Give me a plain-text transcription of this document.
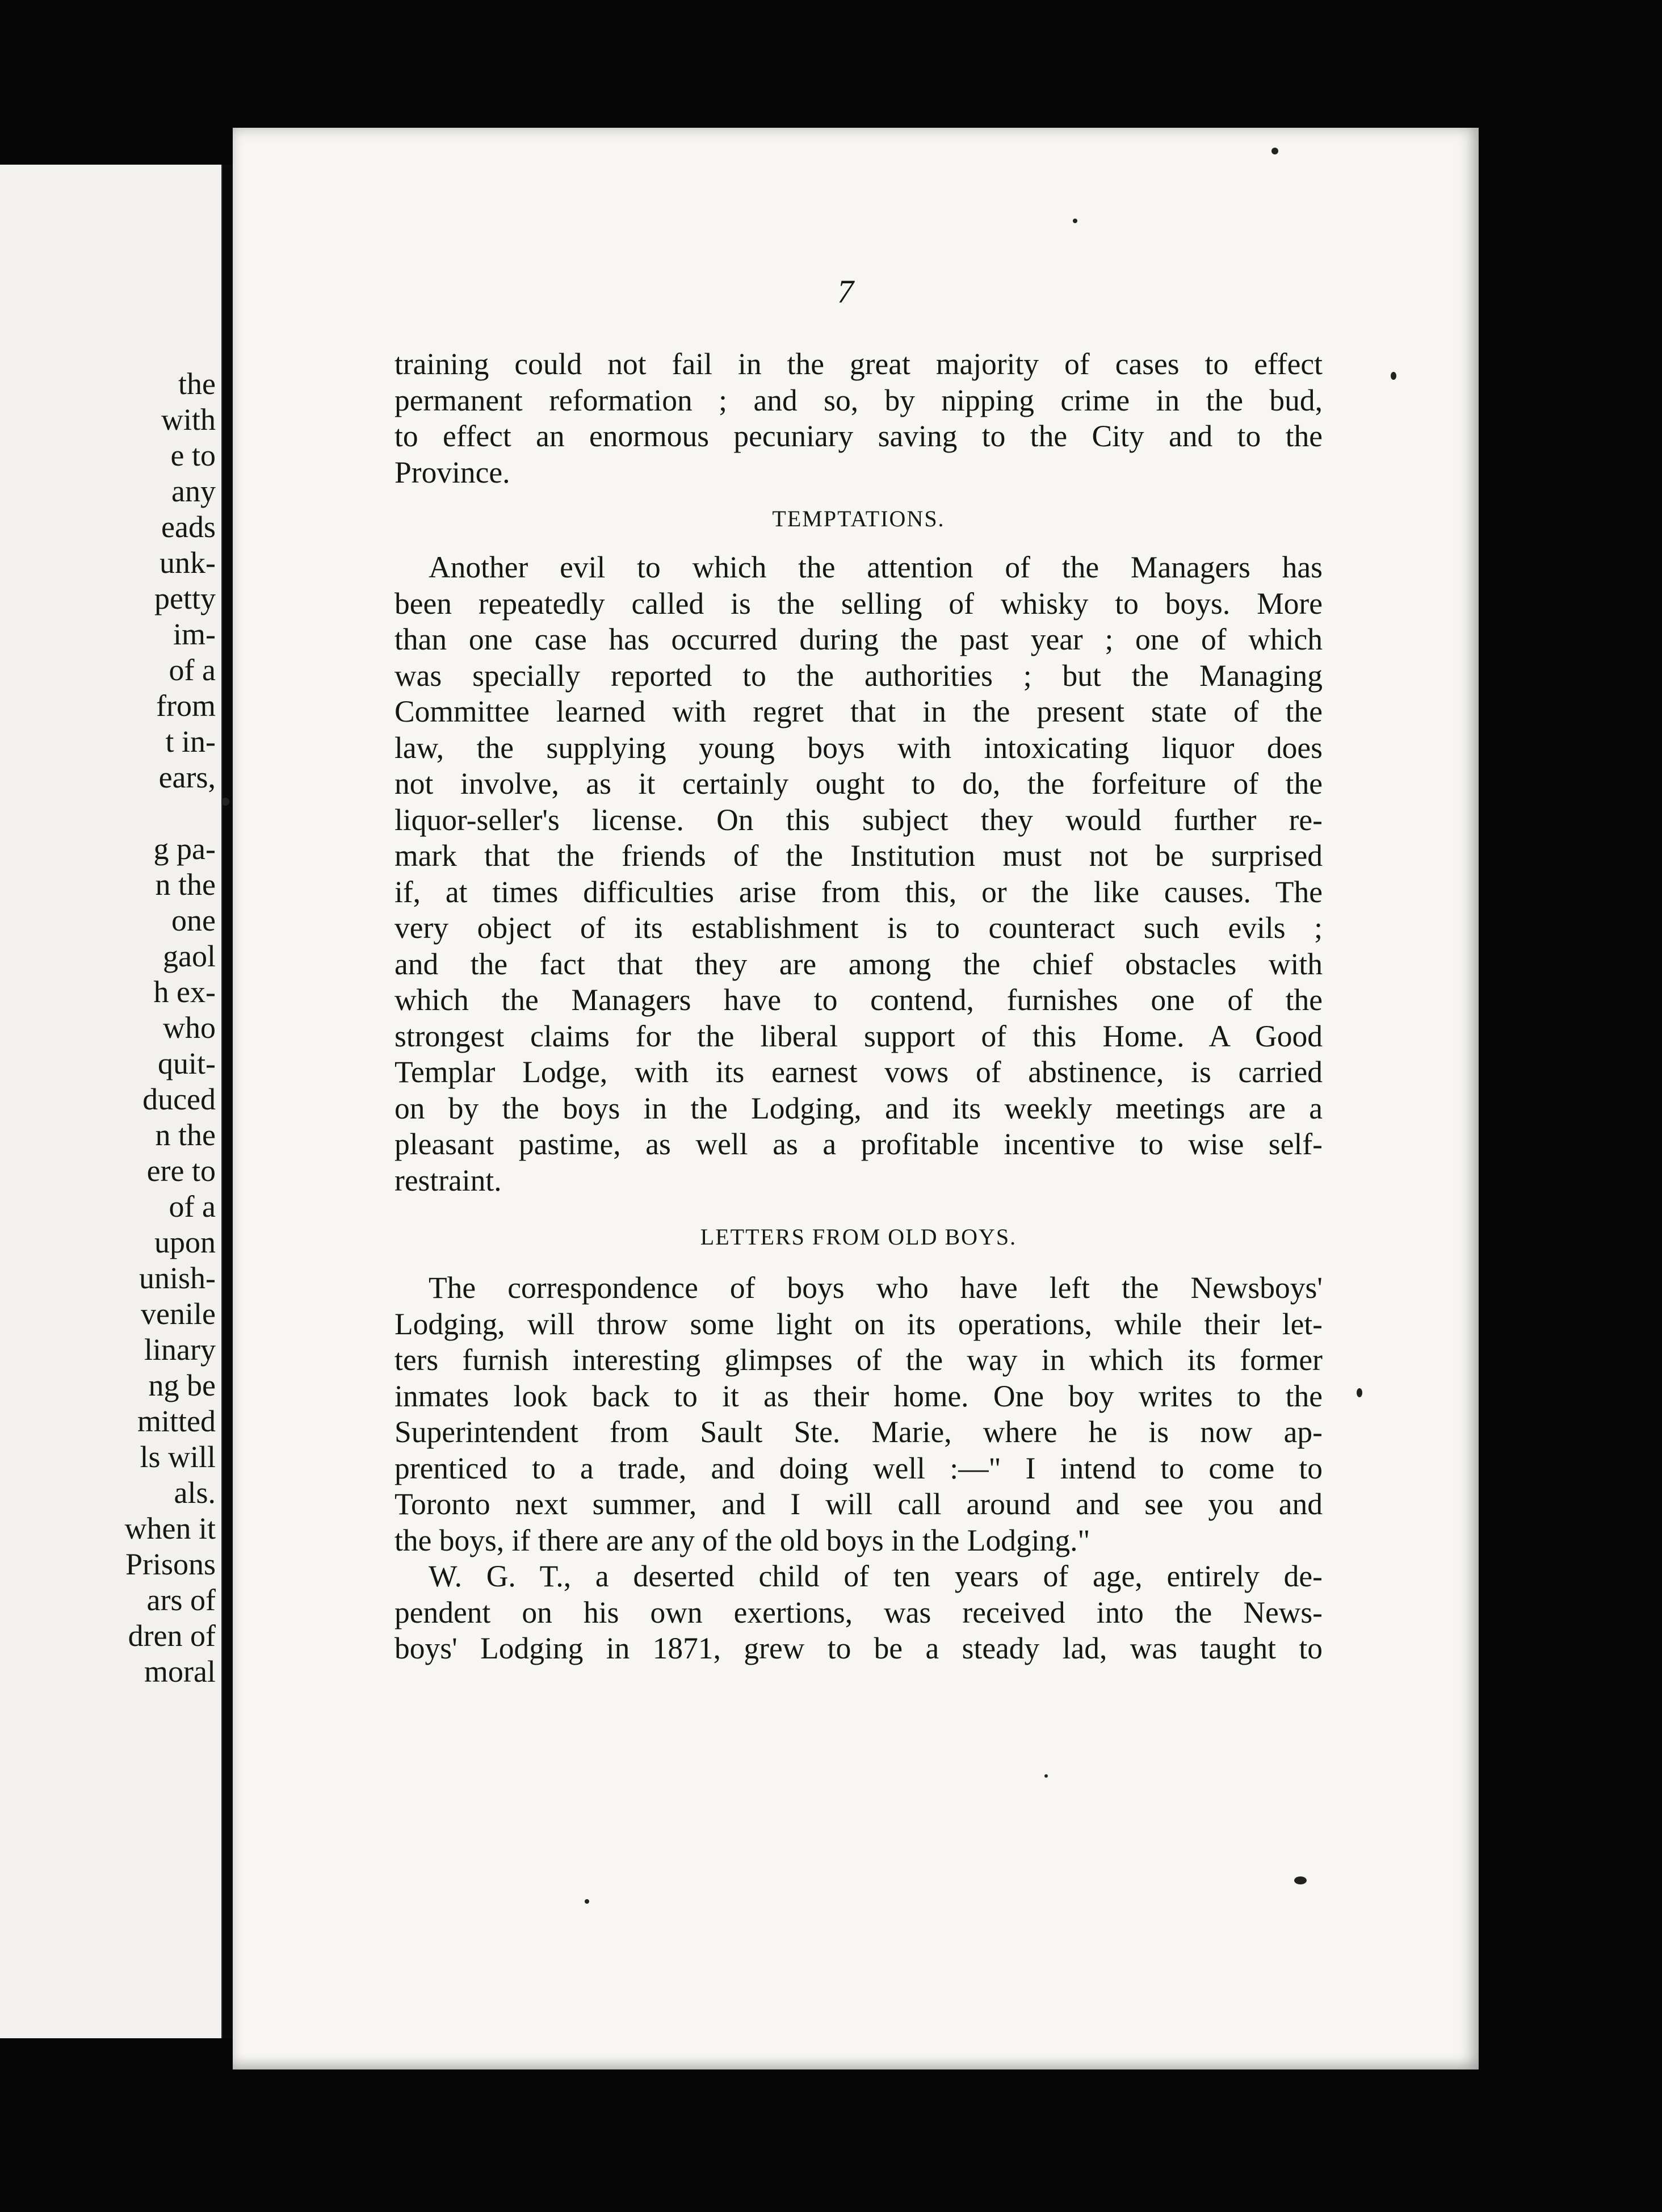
the
with
e to
any
eads
unk-
petty
im-
of a
from
t in-
ears,

g pa-
n the
one
gaol
h ex-
who
quit-
duced
n the
ere to
of a
upon
unish-
venile
linary
ng be
mitted
ls will
als.
when it
Prisons
ars of
dren of
moral
7
training could not fail in the great majority of cases to effect
permanent reformation ; and so, by nipping crime in the bud,
to effect an enormous pecuniary saving to the City and to the
Province.
TEMPTATIONS.
Another evil to which the attention of the Managers has
been repeatedly called is the selling of whisky to boys. More
than one case has occurred during the past year ; one of which
was specially reported to the authorities ; but the Managing
Committee learned with regret that in the present state of the
law, the supplying young boys with intoxicating liquor does
not involve, as it certainly ought to do, the forfeiture of the
liquor-seller's license. On this subject they would further re-
mark that the friends of the Institution must not be surprised
if, at times difficulties arise from this, or the like causes. The
very object of its establishment is to counteract such evils ;
and the fact that they are among the chief obstacles with
which the Managers have to contend, furnishes one of the
strongest claims for the liberal support of this Home. A Good
Templar Lodge, with its earnest vows of abstinence, is carried
on by the boys in the Lodging, and its weekly meetings are a
pleasant pastime, as well as a profitable incentive to wise self-
restraint.
LETTERS FROM OLD BOYS.
The correspondence of boys who have left the Newsboys'
Lodging, will throw some light on its operations, while their let-
ters furnish interesting glimpses of the way in which its former
inmates look back to it as their home. One boy writes to the
Superintendent from Sault Ste. Marie, where he is now ap-
prenticed to a trade, and doing well :—" I intend to come to
Toronto next summer, and I will call around and see you and
the boys, if there are any of the old boys in the Lodging."
W. G. T., a deserted child of ten years of age, entirely de-
pendent on his own exertions, was received into the News-
boys' Lodging in 1871, grew to be a steady lad, was taught to
